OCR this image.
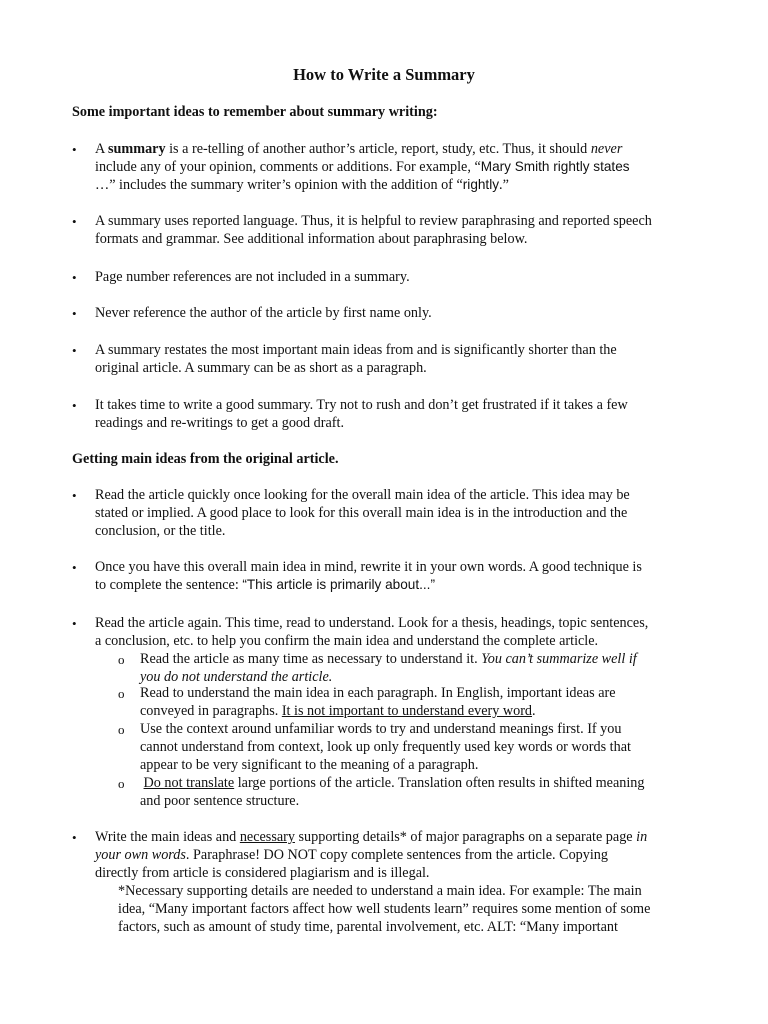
How to Write a Summary
Some important ideas to remember about summary writing:
• A summary is a re-telling of another author’s article, report, study, etc. Thus, it should never
include any of your opinion, comments or additions. For example, “Mary Smith rightly states
…” includes the summary writer’s opinion with the addition of “rightly.”
• A summary uses reported language. Thus, it is helpful to review paraphrasing and reported speech
formats and grammar. See additional information about paraphrasing below.
• Page number references are not included in a summary.
• Never reference the author of the article by first name only.
• A summary restates the most important main ideas from and is significantly shorter than the
original article. A summary can be as short as a paragraph.
• It takes time to write a good summary. Try not to rush and don’t get frustrated if it takes a few
readings and re-writings to get a good draft.
Getting main ideas from the original article.
• Read the article quickly once looking for the overall main idea of the article. This idea may be
stated or implied. A good place to look for this overall main idea is in the introduction and the
conclusion, or the title.
• Once you have this overall main idea in mind, rewrite it in your own words. A good technique is
to complete the sentence: “This article is primarily about...”
• Read the article again. This time, read to understand. Look for a thesis, headings, topic sentences,
a conclusion, etc. to help you confirm the main idea and understand the complete article.
o Read the article as many time as necessary to understand it. You can’t summarize well if
you do not understand the article.
o Read to understand the main idea in each paragraph. In English, important ideas are
conveyed in paragraphs. It is not important to understand every word.
o Use the context around unfamiliar words to try and understand meanings first. If you
cannot understand from context, look up only frequently used key words or words that
appear to be very significant to the meaning of a paragraph.
o Do not translate large portions of the article. Translation often results in shifted meaning
and poor sentence structure.
• Write the main ideas and necessary supporting details* of major paragraphs on a separate page in
your own words. Paraphrase! DO NOT copy complete sentences from the article. Copying
directly from article is considered plagiarism and is illegal.
*Necessary supporting details are needed to understand a main idea. For example: The main
idea, “Many important factors affect how well students learn” requires some mention of some
factors, such as amount of study time, parental involvement, etc. ALT: “Many important
